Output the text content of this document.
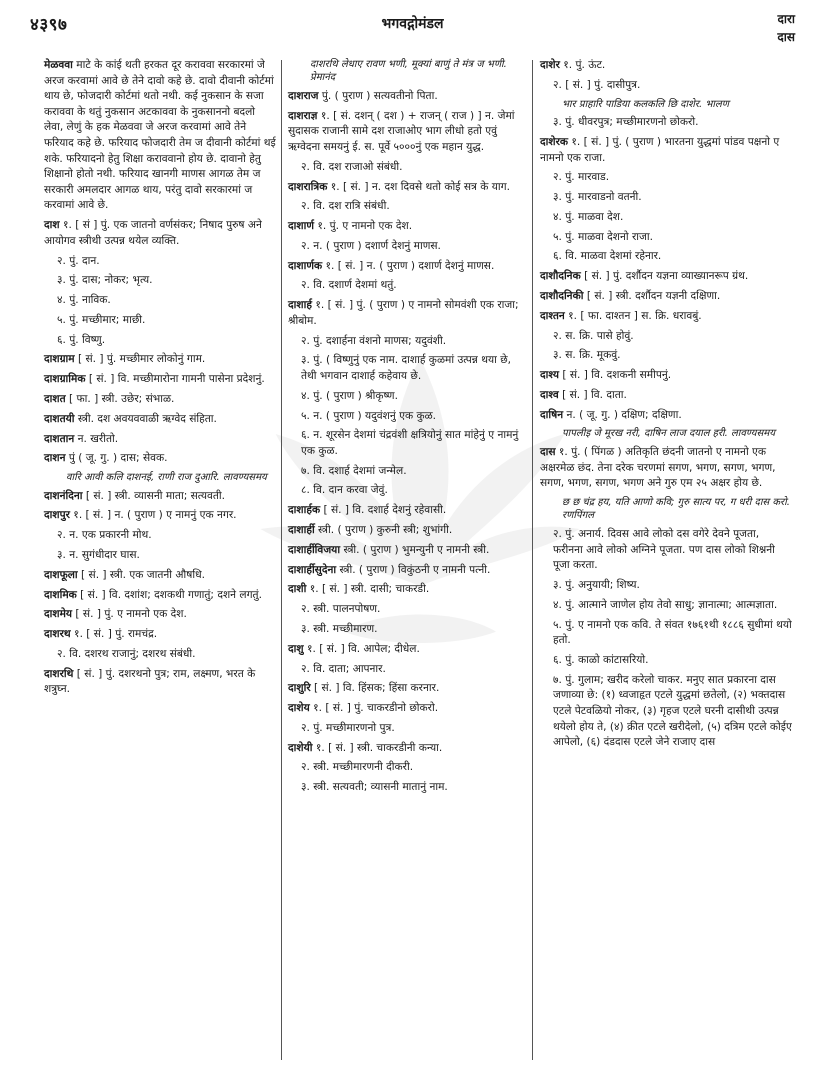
४३९७	भगवद्गोमंडल	दारा
दास
मेळववा माटे के कांई थती हरकत दूर कराववा सरकारमां जे अरज करवामां आवे छे तेने दावो कहे छे. दावो दीवानी कोर्टमां थाय छे, फोजदारी कोर्टमां थतो नथी. कई नुकसान के सजा कराववा के थतुं नुकसान अटकाववा के नुकसाननो बदलो लेवा, लेणुं के हक मेळववा जे अरज करवामां आवे तेने फरियाद कहे छे. फरियाद फोजदारी तेम ज दीवानी कोर्टमां थई शके. फरियादनो हेतु शिक्षा कराववानो होय छे. दावानो हेतु शिक्षानो होतो नथी. फरियाद खानगी माणस आगळ तेम ज सरकारी अमलदार आगळ थाय, परंतु दावो सरकारमां ज करवामां आवे छे.
दाश १. [ सं ] पुं. एक जातनो वर्णसंकर; निषाद पुरुष अने आयोगव स्त्रीथी उत्पन्न थयेल व्यक्ति.
२. पुं. दान.
३. पुं. दास; नोकर; भृत्य.
४. पुं. नाविक.
५. पुं. मच्छीमार; माछी.
६. पुं. विष्णु.
दाशग्राम [ सं. ] पुं. मच्छीमार लोकोनुं गाम.
दाशग्रामिक [ सं. ] वि. मच्छीमारोना गामनी पासेना प्रदेशनुं.
दाशत [ फा. ] स्त्री. उछेर; संभाळ.
दाशतयी स्त्री. दश अवयववाळी ऋग्वेद संहिता.
दाशतान न. खरीतो.
दाशन पुं ( जू. गु. ) दास; सेवक.
वारि आवी कलि दाशनई, राणी राज दुआरि. लावण्यसमय
दाशनंदिना [ सं. ] स्त्री. व्यासनी माता; सत्यवती.
दाशपुर १. [ सं. ] न. ( पुराण ) ए नामनुं एक नगर.
२. न. एक प्रकारनी मोथ.
३. न. सुगंधीदार घास.
दाशफूला [ सं. ] स्त्री. एक जातनी औषधि.
दाशमिक [ सं. ] वि. दशांश; दशकथी गणातुं; दशने लगतुं.
दाशमेय [ सं. ] पुं. ए नामनो एक देश.
दाशरथ १. [ सं. ] पुं. रामचंद्र.
२. वि. दशरथ राजानुं; दशरथ संबंधी.
दाशरथि [ सं. ] पुं. दशरथनो पुत्र; राम, लक्ष्मण, भरत के शत्रुघ्न.
दाशरथि लेधाए रावण भणी, मूक्यां बाणुं ते मंत्र ज भणी. प्रेमानंद
दाशराज पुं. ( पुराण ) सत्यवतीनो पिता.
दाशराज्ञ १. [ सं. दशन् ( दश ) + राजन् ( राज ) ] न. जेमां सुदासक राजानी सामे दश राजाओए भाग लीधो हतो एवुं ऋग्वेदना समयनुं ई. स. पूर्वे ५०००नुं एक महान युद्ध.
२. वि. दश राजाओ संबंधी.
दाशरात्रिक १. [ सं. ] न. दश दिवसे थतो कोई सत्र के याग.
२. वि. दश रात्रि संबंधी.
दाशार्ण १. पुं. ए नामनो एक देश.
२. न. ( पुराण ) दशार्ण देशनुं माणस.
दाशार्णक १. [ सं. ] न. ( पुराण ) दशार्ण देशनुं माणस.
२. वि. दशार्ण देशमां थतुं.
दाशार्ह १. [ सं. ] पुं. ( पुराण ) ए नामनो सोमवंशी एक राजा; श्रीबोम.
२. पुं. दशार्हना वंशनो माणस; यदुवंशी.
३. पुं. ( विष्णुनुं एक नाम. दाशार्ह कुळमां उत्पन्न थया छे, तेथी भगवान दाशार्ह कहेवाय छे.
४. पुं. ( पुराण ) श्रीकृष्ण.
५. न. ( पुराण ) यदुवंशनुं एक कुळ.
६. न. शूरसेन देशमां चंद्रवंशी क्षत्रियोनुं सात मांहेनुं ए नामनुं एक कुळ.
७. वि. दशार्ह देशमां जन्मेल.
८. वि. दान करवा जेवुं.
दाशार्हक [ सं. ] वि. दशार्ह देशनुं रहेवासी.
दाशार्ही स्त्री. ( पुराण ) कुरुनी स्त्री; शुभांगी.
दाशार्हीविजया स्त्री. ( पुराण ) भुमन्युनी ए नामनी स्त्री.
दाशार्हीसुदेना स्त्री. ( पुराण ) विकुंठनी ए नामनी पत्नी.
दाशी १. [ सं. ] स्त्री. दासी; चाकरडी.
२. स्त्री. पालनपोषण.
३. स्त्री. मच्छीमारण.
दाशु १. [ सं. ] वि. आपेल; दीधेल.
२. वि. दाता; आपनार.
दाशुरि [ सं. ] वि. हिंसक; हिंसा करनार.
दाशेय १. [ सं. ] पुं. चाकरडीनो छोकरो.
२. पुं. मच्छीमारणनो पुत्र.
दाशेयी १. [ सं. ] स्त्री. चाकरडीनी कन्या.
२. स्त्री. मच्छीमारणनी दीकरी.
३. स्त्री. सत्यवती; व्यासनी मातानुं नाम.
दाशेर १. पुं. ऊंट.
२. [ सं. ] पुं. दासीपुत्र.
भार प्राहारि पाडिया कलकलि छि दाशेर. भालण
३. पुं. धीवरपुत्र; मच्छीमारणनो छोकरो.
दाशेरक १. [ सं. ] पुं. ( पुराण ) भारतना युद्धमां पांडव पक्षनो ए नामनो एक राजा.
२. पुं. मारवाड.
३. पुं. मारवाडनो वतनी.
४. पुं. माळवा देश.
५. पुं. माळवा देशनो राजा.
६. वि. माळवा देशमां रहेनार.
दाशौदनिक [ सं. ] पुं. दर्शौदन यज्ञना व्याख्यानरूप ग्रंथ.
दाशौदनिकी [ सं. ] स्त्री. दर्शौदन यज्ञनी दक्षिणा.
दाश्तन १. [ फा. दाश्तन ] स. क्रि. धरावबुं.
२. स. क्रि. पासे होवुं.
३. स. क्रि. मूकवुं.
दाश्य [ सं. ] वि. दशकनी समीपनुं.
दाश्व [ सं. ] वि. दाता.
दाषिन न. ( जू. गु. ) दक्षिण; दक्षिणा.
पापलीइ जे मूरख नरी, दाषिन लाज दयाल हरी. लावण्यसमय
दास १. पुं. ( पिंगळ ) अतिकृति छंदनी जातनो ए नामनो एक अक्षरमेळ छंद. तेना दरेक चरणमां सगण, भगण, सगण, भगण, सगण, भगण, सगण, भगण अने गुरु एम २५ अक्षर होय छे.
छ छ चंद्र हय, यति आणो कवि; गुरु सात्य पर, ग धरी दास करो. रणपिंगल
२. पुं. अनार्य. दिवस आवे लोको दस वगेरे देवने पूजता, फरीनना आवे लोको अग्निने पूजता. पण दास लोको शिश्ननी पूजा करता.
३. पुं. अनुयायी; शिष्य.
४. पुं. आत्माने जाणेल होय तेवो साधु; ज्ञानात्मा; आत्मज्ञाता.
५. पुं. ए नामनो एक कवि. ते संवत १७६१थी १८८६ सुधीमां थयो हतो.
६. पुं. काळो कांटासरियो.
७. पुं. गुलाम; खरीद करेलो चाकर. मनुए सात प्रकारना दास जणाव्या छे: (१) ध्वजाहृत एटले युद्धमां छतेलो, (२) भक्तदास एटले पेटवळियो नोकर, (३) गृहज एटले घरनी दासीथी उत्पन्न थयेलो होय ते, (४) क्रीत एटले खरीदेलो, (५) दत्रिम एटले कोईए आपेलो, (६) दंडदास एटले जेने राजाए दास
